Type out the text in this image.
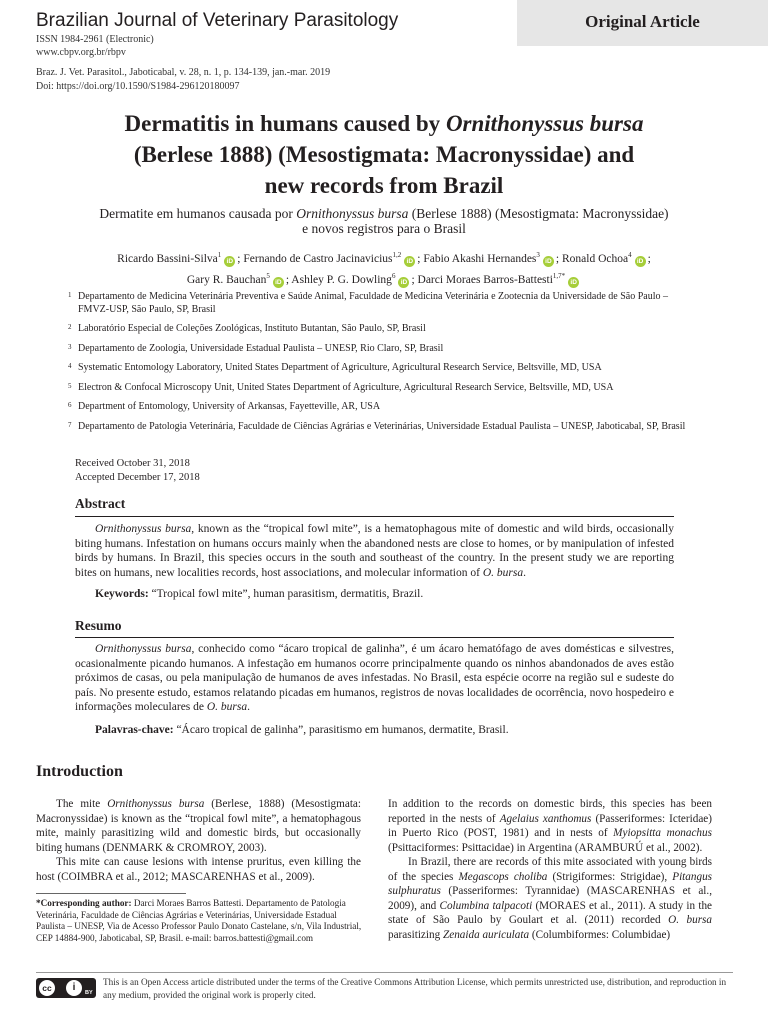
Brazilian Journal of Veterinary Parasitology
ISSN 1984-2961 (Electronic)
www.cbpv.org.br/rbpv
Braz. J. Vet. Parasitol., Jaboticabal, v. 28, n. 1, p. 134-139, jan.-mar. 2019
Doi: https://doi.org/10.1590/S1984-296120180097
Original Article
Dermatitis in humans caused by Ornithonyssus bursa
(Berlese 1888) (Mesostigmata: Macronyssidae) and
new records from Brazil
Dermatite em humanos causada por Ornithonyssus bursa (Berlese 1888) (Mesostigmata: Macronyssidae)
e novos registros para o Brasil
Ricardo Bassini-Silva$^1$iD ; Fernando de Castro Jacinavicius$^{1,2}$iD ; Fabio Akashi Hernandes$^3$iD ; Ronald Ochoa$^4$iD ;
Gary R. Bauchan$^5$iD ; Ashley P. G. Dowling$^6$iD ; Darci Moraes Barros-Battesti$^{1,7*}$iD
1 Departamento de Medicina Veterinária Preventiva e Saúde Animal, Faculdade de Medicina Veterinária e Zootecnia da Universidade de São Paulo – FMVZ-USP, São Paulo, SP, Brasil
2 Laboratório Especial de Coleções Zoológicas, Instituto Butantan, São Paulo, SP, Brasil
3 Departamento de Zoologia, Universidade Estadual Paulista – UNESP, Rio Claro, SP, Brasil
4 Systematic Entomology Laboratory, United States Department of Agriculture, Agricultural Research Service, Beltsville, MD, USA
5 Electron & Confocal Microscopy Unit, United States Department of Agriculture, Agricultural Research Service, Beltsville, MD, USA
6 Department of Entomology, University of Arkansas, Fayetteville, AR, USA
7 Departamento de Patologia Veterinária, Faculdade de Ciências Agrárias e Veterinárias, Universidade Estadual Paulista – UNESP, Jaboticabal, SP, Brasil
Received October 31, 2018
Accepted December 17, 2018
Abstract
Ornithonyssus bursa, known as the “tropical fowl mite”, is a hematophagous mite of domestic and wild birds, occasionally biting humans. Infestation on humans occurs mainly when the abandoned nests are close to homes, or by manipulation of infested birds by humans. In Brazil, this species occurs in the south and southeast of the country. In the present study we are reporting bites on humans, new localities records, host associations, and molecular information of O. bursa.
Keywords: “Tropical fowl mite”, human parasitism, dermatitis, Brazil.
Resumo
Ornithonyssus bursa, conhecido como “ácaro tropical de galinha”, é um ácaro hematófago de aves domésticas e silvestres, ocasionalmente picando humanos. A infestação em humanos ocorre principalmente quando os ninhos abandonados de aves estão próximos de casas, ou pela manipulação de humanos de aves infestadas. No Brasil, esta espécie ocorre na região sul e sudeste do país. No presente estudo, estamos relatando picadas em humanos, registros de novas localidades de ocorrência, novo hospedeiro e informações moleculares de O. bursa.
Palavras-chave: “Ácaro tropical de galinha”, parasitismo em humanos, dermatite, Brasil.
Introduction
The mite Ornithonyssus bursa (Berlese, 1888) (Mesostigmata: Macronyssidae) is known as the “tropical fowl mite”, a hematophagous mite, mainly parasitizing wild and domestic birds, but occasionally biting humans (DENMARK & CROMROY, 2003).
This mite can cause lesions with intense pruritus, even killing the host (COIMBRA et al., 2012; MASCARENHAS et al., 2009).
In addition to the records on domestic birds, this species has been reported in the nests of Agelaius xanthomus (Passeriformes: Icteridae) in Puerto Rico (POST, 1981) and in nests of Myiopsitta monachus (Psittaciformes: Psittacidae) in Argentina (ARAMBURÚ et al., 2002).
In Brazil, there are records of this mite associated with young birds of the species Megascops choliba (Strigiformes: Strigidae), Pitangus sulphuratus (Passeriformes: Tyrannidae) (MASCARENHAS et al., 2009), and Columbina talpacoti (MORAES et al., 2011). A study in the state of São Paulo by Goulart et al. (2011) recorded O. bursa parasitizing Zenaida auriculata (Columbiformes: Columbidae)
*Corresponding author: Darci Moraes Barros Battesti. Departamento de Patologia Veterinária, Faculdade de Ciências Agrárias e Veterinárias, Universidade Estadual Paulista – UNESP, Via de Acesso Professor Paulo Donato Castelane, s/n, Vila Industrial, CEP 14884-900, Jaboticabal, SP, Brasil. e-mail: barros.battesti@gmail.com
cc	i	BY
This is an Open Access article distributed under the terms of the Creative Commons Attribution License, which permits unrestricted use, distribution, and reproduction in any medium, provided the original work is properly cited.
